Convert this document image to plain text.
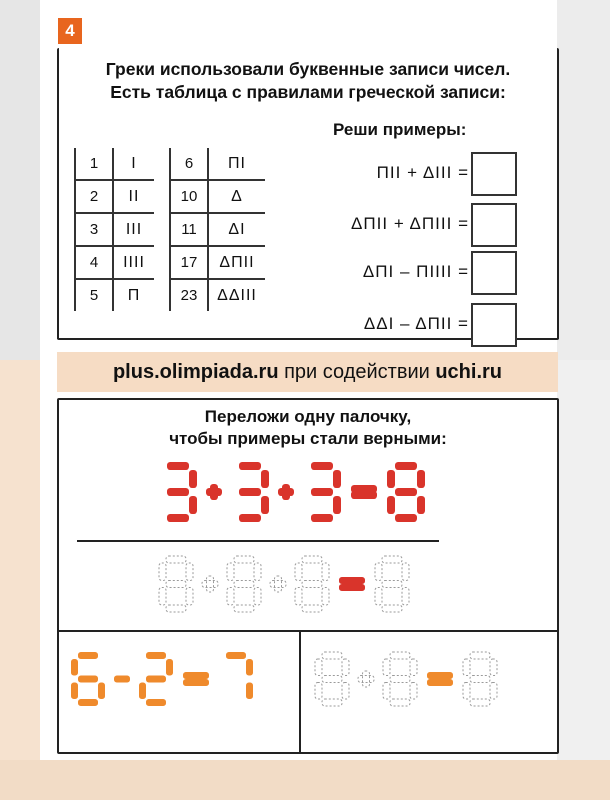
4
Греки использовали буквенные записи чисел.
Есть таблица с правилами греческой записи:
1	Ι
2	ΙΙ
3	ΙΙΙ
4	ΙΙΙΙ
5	Π
6	ΠΙ
10	Δ
11	ΔΙ
17	ΔΠΙΙ
23	ΔΔΙΙΙ
Реши примеры:
ΠΙΙ + ΔΙΙΙ =
ΔΠΙΙ + ΔΠΙΙΙ =
ΔΠΙ – ΠΙΙΙΙ =
ΔΔΙ – ΔΠΙΙ =
plus.olimpiada.ru при содействии uchi.ru
Переложи одну палочку,
чтобы примеры стали верными:
